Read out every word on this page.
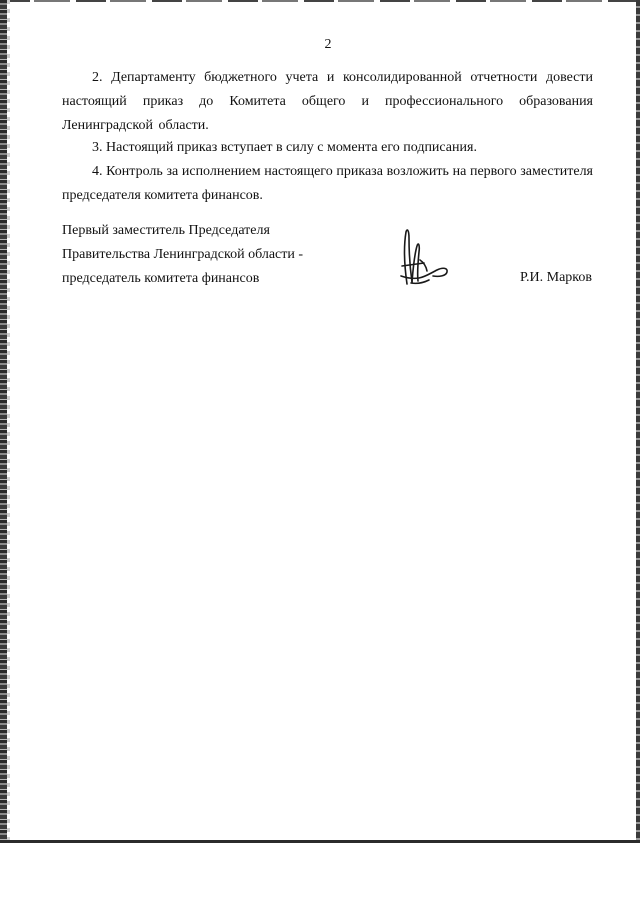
2

2. Департаменту бюджетного учета и консолидированной отчетности довести настоящий приказ до Комитета общего и профессионального образования Ленинградской области.

3. Настоящий приказ вступает в силу с момента его подписания.

4. Контроль за исполнением настоящего приказа возложить на первого заместителя председателя комитета финансов.

Первый заместитель Председателя
Правительства Ленинградской области -
председатель комитета финансов	Р.И. Марков
